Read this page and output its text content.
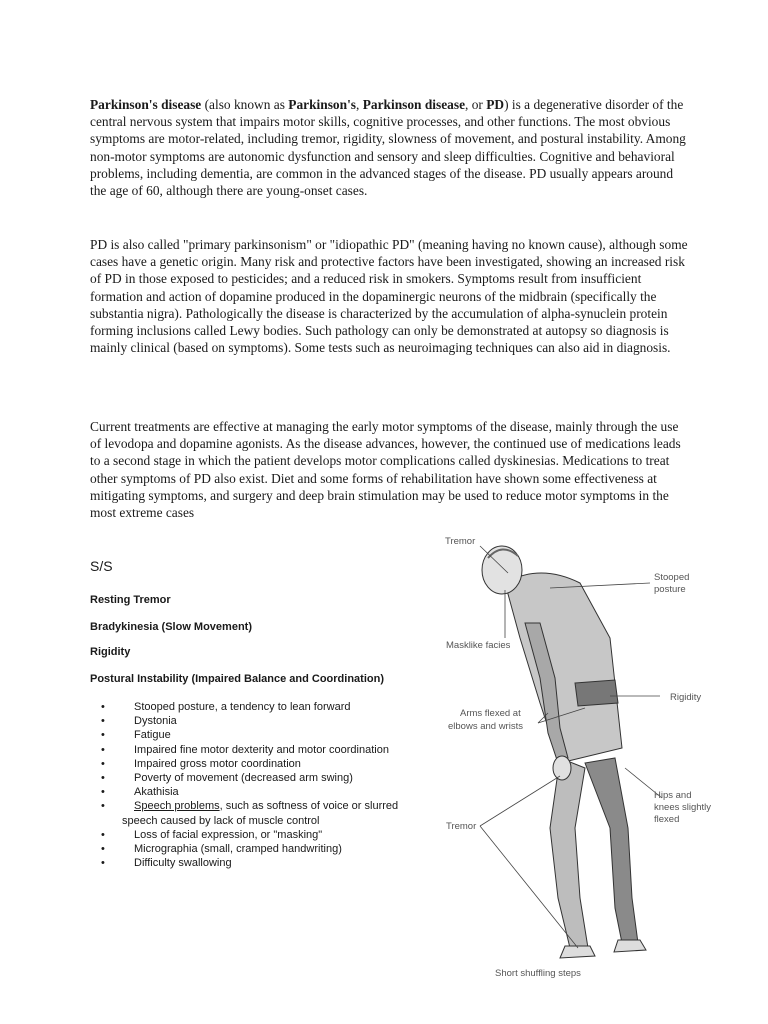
Parkinson's disease (also known as Parkinson's, Parkinson disease, or PD) is a degenerative disorder of the central nervous system that impairs motor skills, cognitive processes, and other functions. The most obvious symptoms are motor-related, including tremor, rigidity, slowness of movement, and postural instability. Among non-motor symptoms are autonomic dysfunction and sensory and sleep difficulties. Cognitive and behavioral problems, including dementia, are common in the advanced stages of the disease. PD usually appears around the age of 60, although there are young-onset cases.

PD is also called "primary parkinsonism" or "idiopathic PD" (meaning having no known cause), although some cases have a genetic origin. Many risk and protective factors have been investigated, showing an increased risk of PD in those exposed to pesticides; and a reduced risk in smokers. Symptoms result from insufficient formation and action of dopamine produced in the dopaminergic neurons of the midbrain (specifically the substantia nigra). Pathologically the disease is characterized by the accumulation of alpha-synuclein protein forming inclusions called Lewy bodies. Such pathology can only be demonstrated at autopsy so diagnosis is mainly clinical (based on symptoms). Some tests such as neuroimaging techniques can also aid in diagnosis.

Current treatments are effective at managing the early motor symptoms of the disease, mainly through the use of levodopa and dopamine agonists. As the disease advances, however, the continued use of medications leads to a second stage in which the patient develops motor complications called dyskinesias. Medications to treat other symptoms of PD also exist. Diet and some forms of rehabilitation have shown some effectiveness at mitigating symptoms, and surgery and deep brain stimulation may be used to reduce motor symptoms in the most extreme cases

S/S
Resting Tremor
Bradykinesia (Slow Movement)
Rigidity
Postural Instability (Impaired Balance and Coordination)
• Stooped posture, a tendency to lean forward
• Dystonia
• Fatigue
• Impaired fine motor dexterity and motor coordination
• Impaired gross motor coordination
• Poverty of movement (decreased arm swing)
• Akathisia
• Speech problems, such as softness of voice or slurred
speech caused by lack of muscle control
• Loss of facial expression, or "masking"
• Micrographia (small, cramped handwriting)
• Difficulty swallowing
Tremor
Stooped
posture
Masklike facies
Rigidity
Arms flexed at
elbows and wrists
Hips and
knees slightly
flexed
Tremor
Short shuffling steps
